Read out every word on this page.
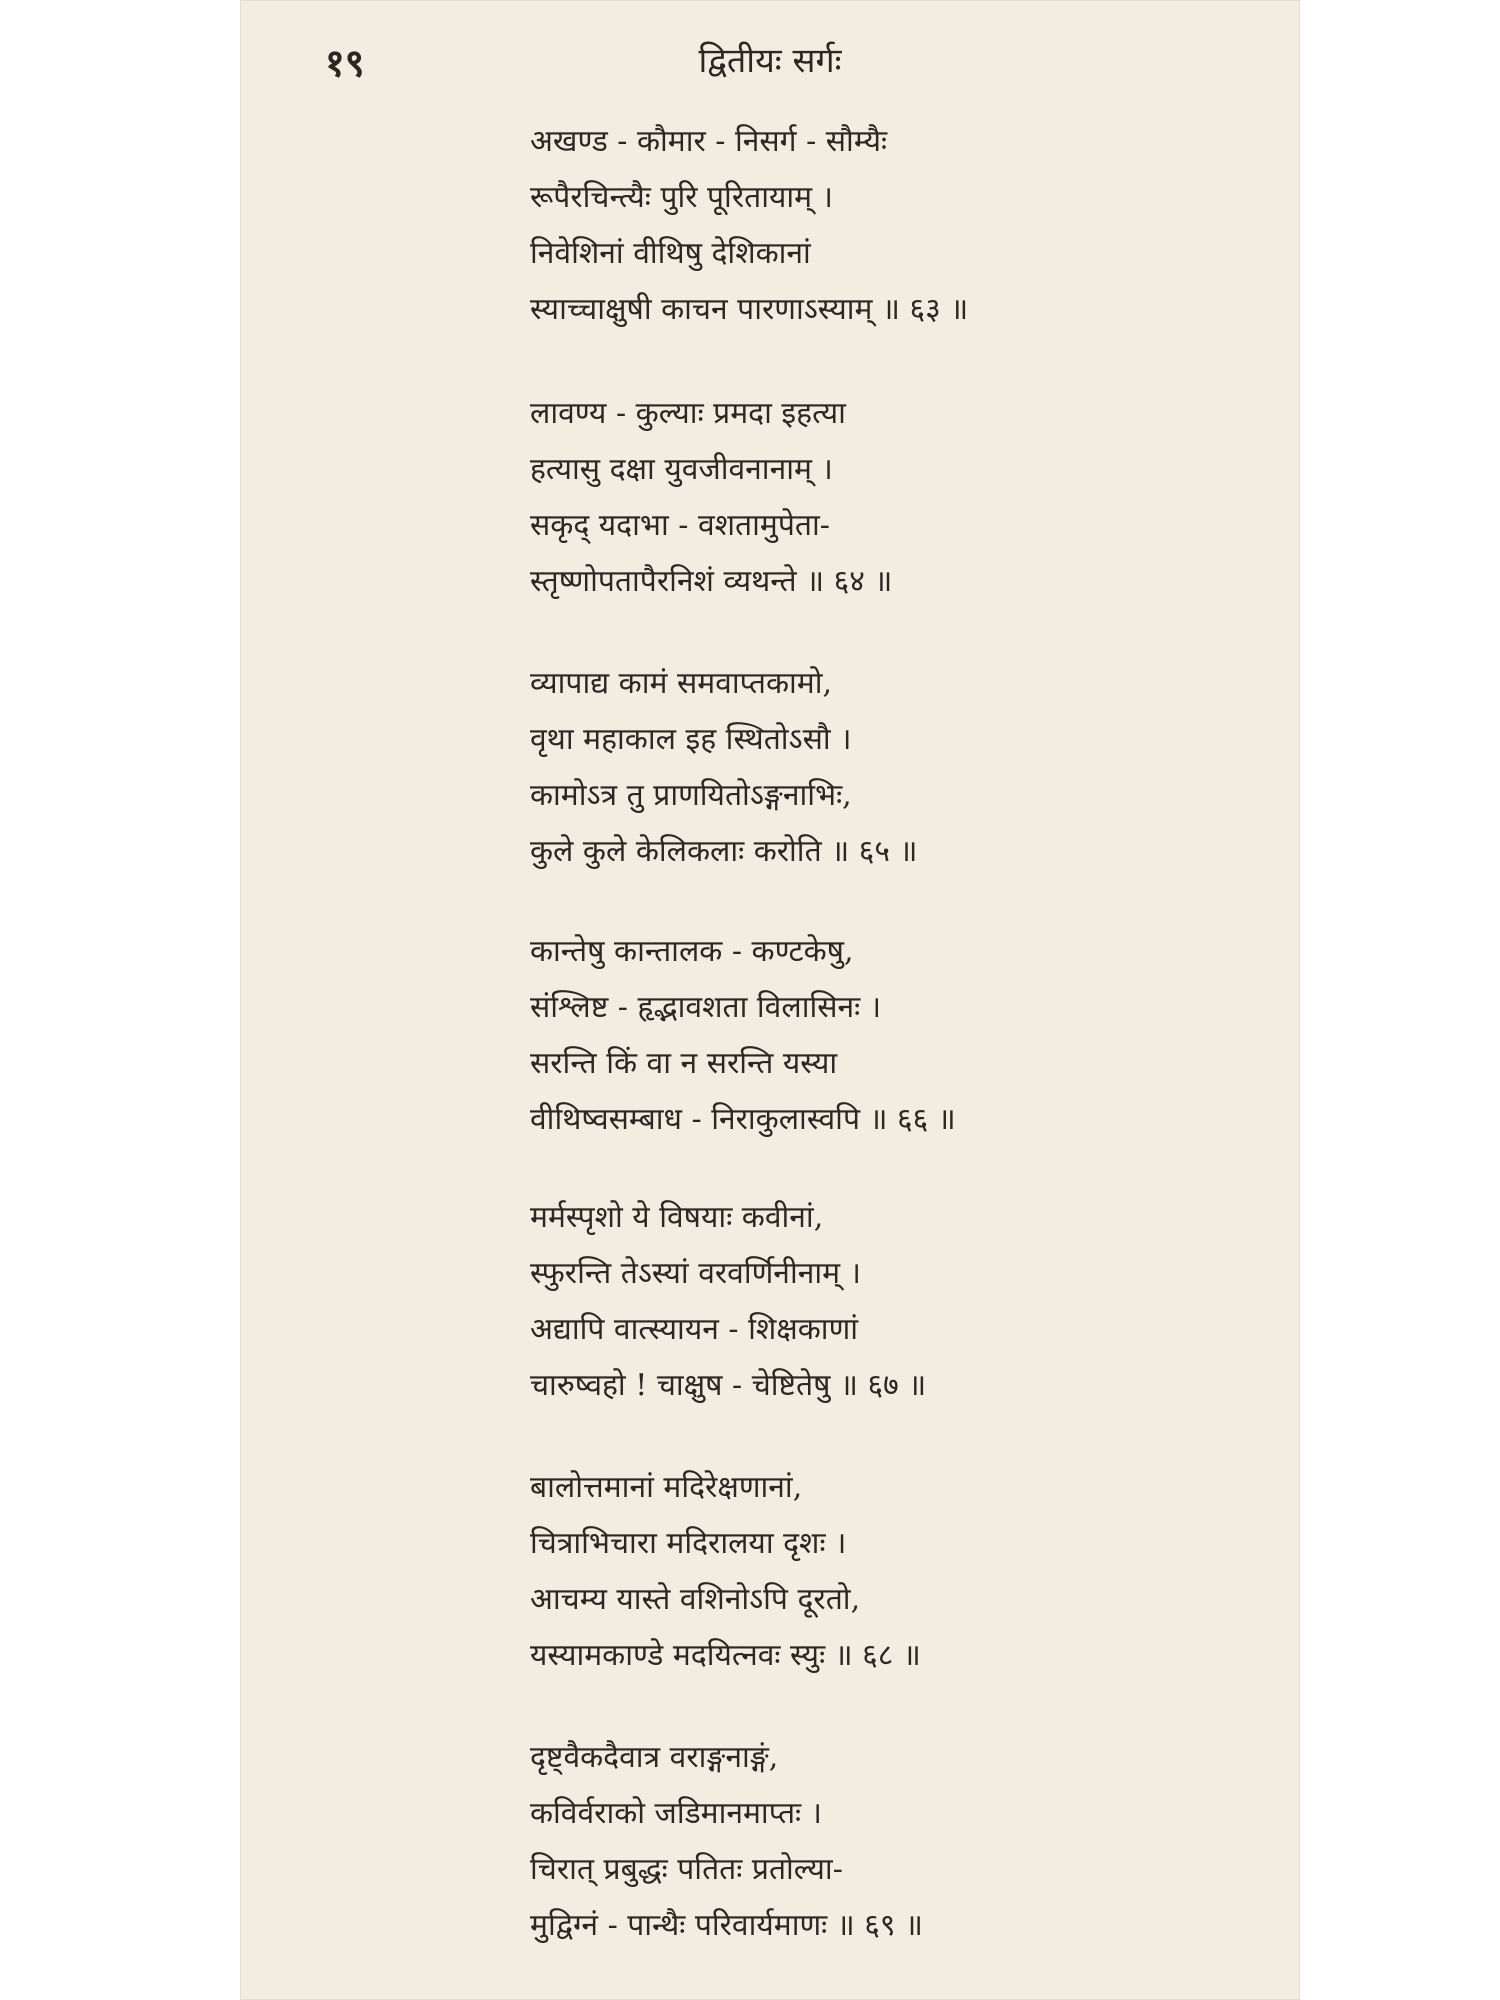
१९	द्वितीयः सर्गः
अखण्ड - कौमार - निसर्ग - सौम्यैः
रूपैरचिन्त्यैः पुरि पूरितायाम् ।
निवेशिनां वीथिषु देशिकानां
स्याच्चाक्षुषी काचन पारणाऽस्याम् ॥ ६३ ॥
लावण्य - कुल्याः प्रमदा इहत्या
हत्यासु दक्षा युवजीवनानाम् ।
सकृद् यदाभा - वशतामुपेता-
स्तृष्णोपतापैरनिशं व्यथन्ते ॥ ६४ ॥
व्यापाद्य कामं समवाप्तकामो,
वृथा महाकाल इह स्थितोऽसौ ।
कामोऽत्र तु प्राणयितोऽङ्गनाभिः,
कुले कुले केलिकलाः करोति ॥ ६५ ॥
कान्तेषु कान्तालक - कण्टकेषु,
संश्लिष्ट - हृद्भावशता विलासिनः ।
सरन्ति किं वा न सरन्ति यस्या
वीथिष्वसम्बाध - निराकुलास्वपि ॥ ६६ ॥
मर्मस्पृशो ये विषयाः कवीनां,
स्फुरन्ति तेऽस्यां वरवर्णिनीनाम् ।
अद्यापि वात्स्यायन - शिक्षकाणां
चारुष्वहो ! चाक्षुष - चेष्टितेषु ॥ ६७ ॥
बालोत्तमानां मदिरेक्षणानां,
चित्राभिचारा मदिरालया दृशः ।
आचम्य यास्ते वशिनोऽपि दूरतो,
यस्यामकाण्डे मदयित्नवः स्युः ॥ ६८ ॥
दृष्ट्वैकदैवात्र वराङ्गनाङ्गं,
कविर्वराको जडिमानमाप्तः ।
चिरात् प्रबुद्धः पतितः प्रतोल्या-
मुद्विग्नं - पान्थैः परिवार्यमाणः ॥ ६९ ॥
